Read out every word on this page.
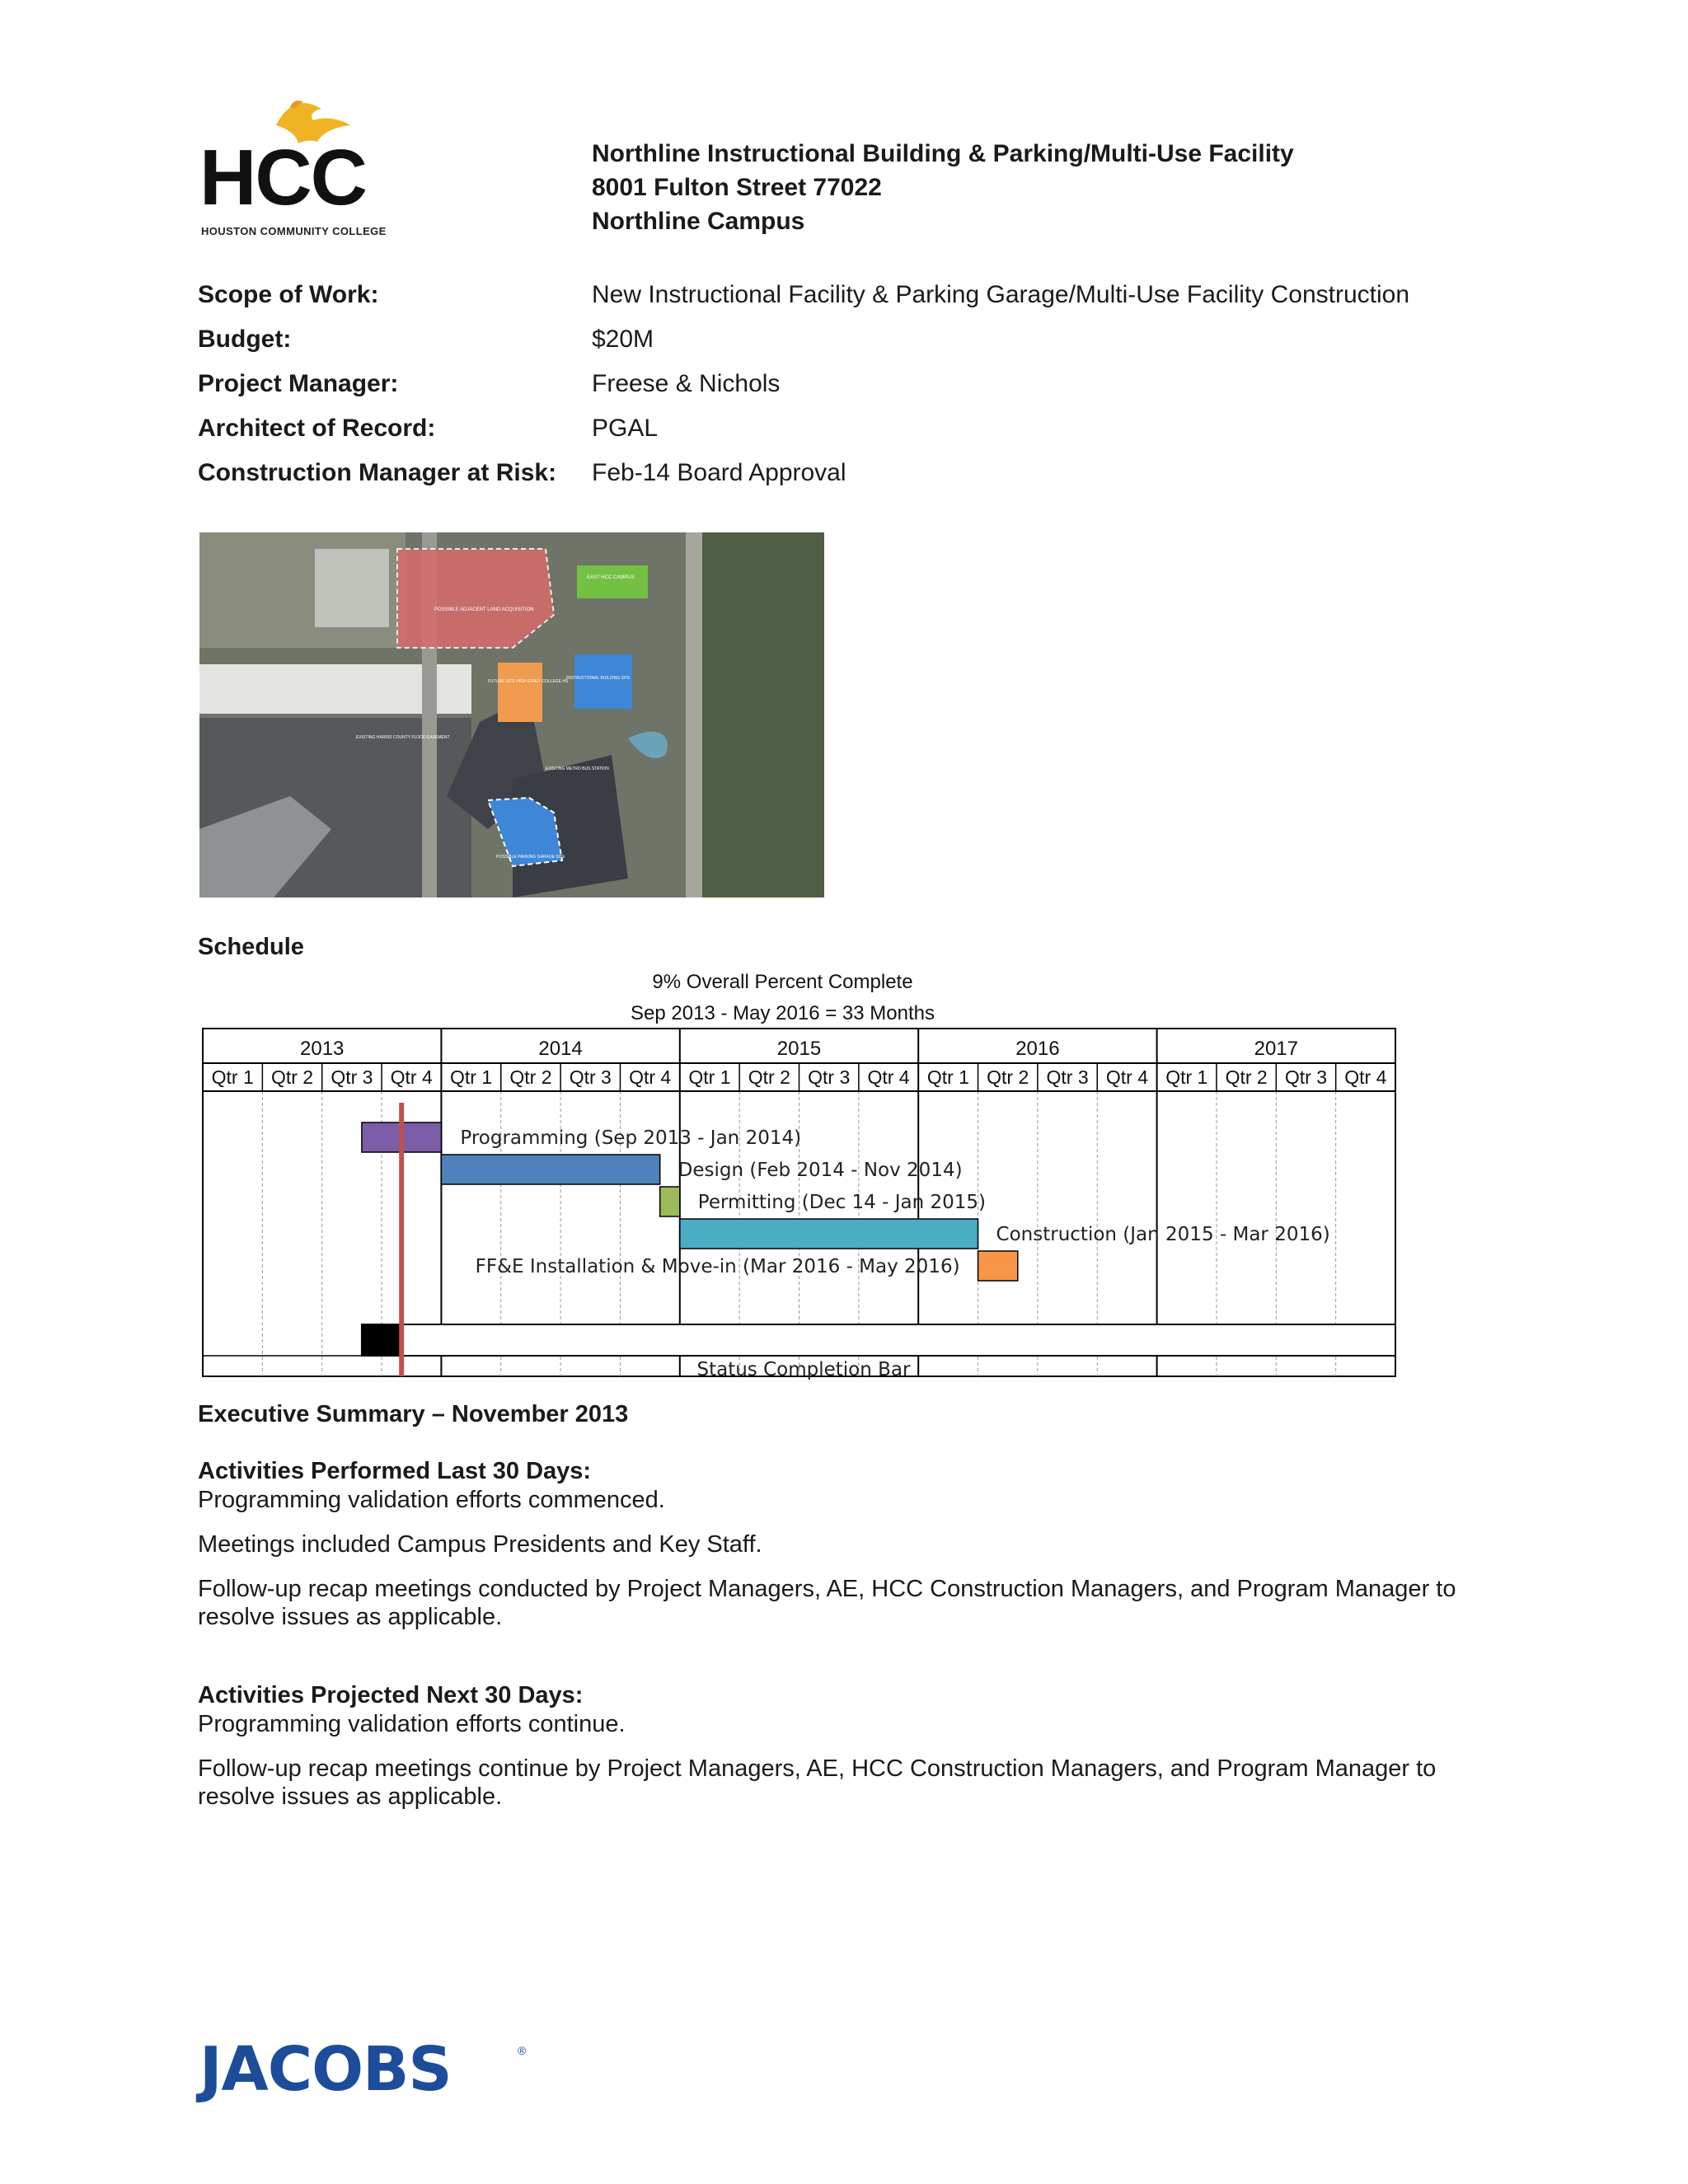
HCC
HOUSTON COMMUNITY COLLEGE
Northline Instructional Building & Parking/Multi-Use Facility
8001 Fulton Street 77022
Northline Campus
Scope of Work:	New Instructional Facility & Parking Garage/Multi-Use Facility Construction
Budget:	$20M
Project Manager:	Freese & Nichols
Architect of Record:	PGAL
Construction Manager at Risk: Feb-14 Board Approval
POSSIBLE ADJACENT LAND ACQUISITION
EAST HCC CAMPUS
FUTURE SITE HIGH EARLY COLLEGE HS
INSTRUCTIONAL BUILDING SITE
EXISTING HARRIS COUNTY FLOOD EASEMENT
EXISTING METRO BUS STATION
POSSIBLE PARKING GARAGE SITE
Schedule
9% Overall Percent Complete
Sep 2013 - May 2016 = 33 Months
2013
Qtr 1 Qtr 2 Qtr 3 Qtr 4
2014
Qtr 1 Qtr 2 Qtr 3 Qtr 4
2015
Qtr 1 Qtr 2 Qtr 3 Qtr 4
2016
Qtr 1 Qtr 2 Qtr 3 Qtr 4
2017
Qtr 1 Qtr 2 Qtr 3 Qtr 4
Programming (Sep 2013 - Jan 2014)
Design (Feb 2014 - Nov 2014)
Permitting (Dec 14 - Jan 2015)
Construction (Jan 2015 - Mar 2016)
FF&E Installation & Move-in (Mar 2016 - May 2016)
Status Completion Bar
Executive Summary – November 2013
Activities Performed Last 30 Days:
Programming validation efforts commenced.
Meetings included Campus Presidents and Key Staff.
Follow-up recap meetings conducted by Project Managers, AE, HCC Construction Managers, and Program Manager to resolve issues as applicable.
Activities Projected Next 30 Days:
Programming validation efforts continue.
Follow-up recap meetings continue by Project Managers, AE, HCC Construction Managers, and Program Manager to resolve issues as applicable.
JACOBS	®
